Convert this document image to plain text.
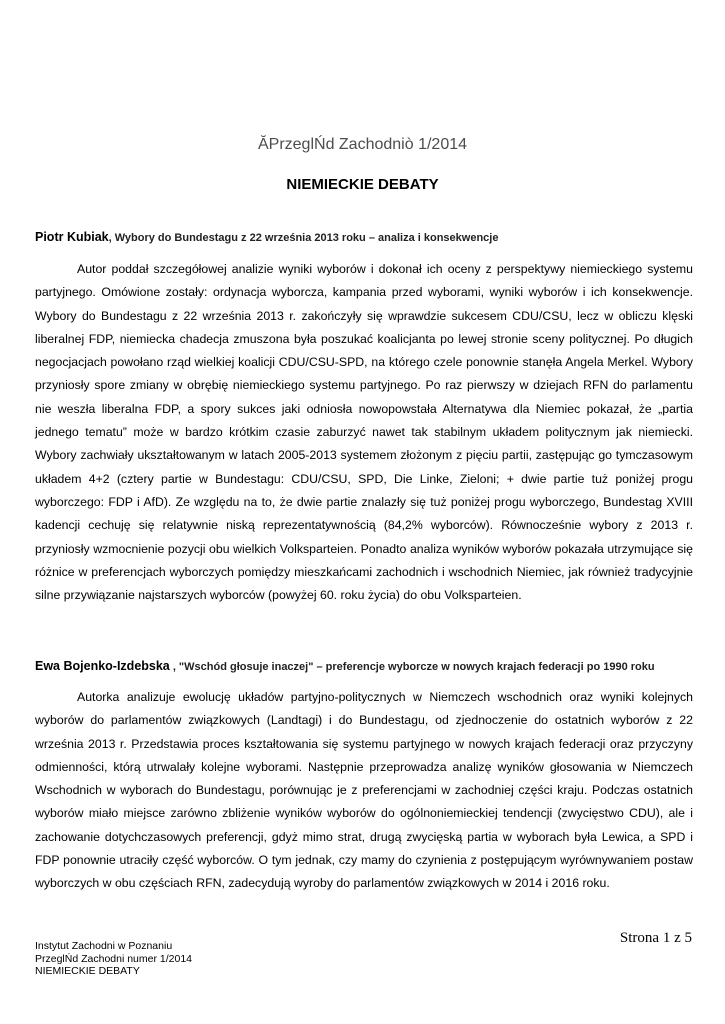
ĂPrzeglŃd Zachodniò 1/2014
NIEMIECKIE DEBATY
Piotr Kubiak, Wybory do Bundestagu z 22 września 2013 roku – analiza i konsekwencje

Autor poddał szczegółowej analizie wyniki wyborów i dokonał ich oceny z perspektywy niemieckiego systemu partyjnego. Omówione zostały: ordynacja wyborcza, kampania przed wyborami, wyniki wyborów i ich konsekwencje. Wybory do Bundestagu z 22 września 2013 r. zakończyły się wprawdzie sukcesem CDU/CSU, lecz w obliczu klęski liberalnej FDP, niemiecka chadecja zmuszona była poszukać koalicjanta po lewej stronie sceny politycznej. Po długich negocjacjach powołano rząd wielkiej koalicji CDU/CSU-SPD, na którego czele ponownie stanęła Angela Merkel. Wybory przyniosły spore zmiany w obrębię niemieckiego systemu partyjnego. Po raz pierwszy w dziejach RFN do parlamentu nie weszła liberalna FDP, a spory sukces jaki odniosła nowopowstała Alternatywa dla Niemiec pokazał, że „partia jednego tematu” może w bardzo krótkim czasie zaburzyć nawet tak stabilnym układem politycznym jak niemiecki. Wybory zachwiały ukształtowanym w latach 2005-2013 systemem złożonym z pięciu partii, zastępując go tymczasowym układem 4+2 (cztery partie w Bundestagu: CDU/CSU, SPD, Die Linke, Zieloni; + dwie partie tuż poniżej progu wyborczego: FDP i AfD). Ze względu na to, że dwie partie znalazły się tuż poniżej progu wyborczego, Bundestag XVIII kadencji cechuję się relatywnie niską reprezentatywnością (84,2% wyborców). Równocześnie wybory z 2013 r. przyniosły wzmocnienie pozycji obu wielkich Volksparteien. Ponadto analiza wyników wyborów pokazała utrzymujące się różnice w preferencjach wyborczych pomiędzy mieszkańcami zachodnich i wschodnich Niemiec, jak również tradycyjnie silne przywiązanie najstarszych wyborców (powyżej 60. roku życia) do obu Volksparteien.

Ewa Bojenko-Izdebska , "Wschód głosuje inaczej" – preferencje wyborcze w nowych krajach federacji po 1990 roku

Autorka analizuje ewolucję układów partyjno-politycznych w Niemczech wschodnich oraz wyniki kolejnych wyborów do parlamentów związkowych (Landtagi) i do Bundestagu, od zjednoczenie do ostatnich wyborów z 22 września 2013 r. Przedstawia proces kształtowania się systemu partyjnego w nowych krajach federacji oraz przyczyny odmienności, którą utrwalały kolejne wyborami. Następnie przeprowadza analizę wyników głosowania w Niemczech Wschodnich w wyborach do Bundestagu, porównując je z preferencjami w zachodniej części kraju. Podczas ostatnich wyborów miało miejsce zarówno zbliżenie wyników wyborów do ogólnoniemieckiej tendencji (zwycięstwo CDU), ale i zachowanie dotychczasowych preferencji, gdyż mimo strat, drugą zwycięską partia w wyborach była Lewica, a SPD i FDP ponownie utraciły część wyborców. O tym jednak, czy mamy do czynienia z postępującym wyrównywaniem postaw wyborczych w obu częściach RFN, zadecydują wyroby do parlamentów związkowych w 2014 i 2016 roku.

Strona 1 z 5
Instytut Zachodni w Poznaniu
PrzeglŃd Zachodni numer 1/2014
NIEMIECKIE DEBATY
